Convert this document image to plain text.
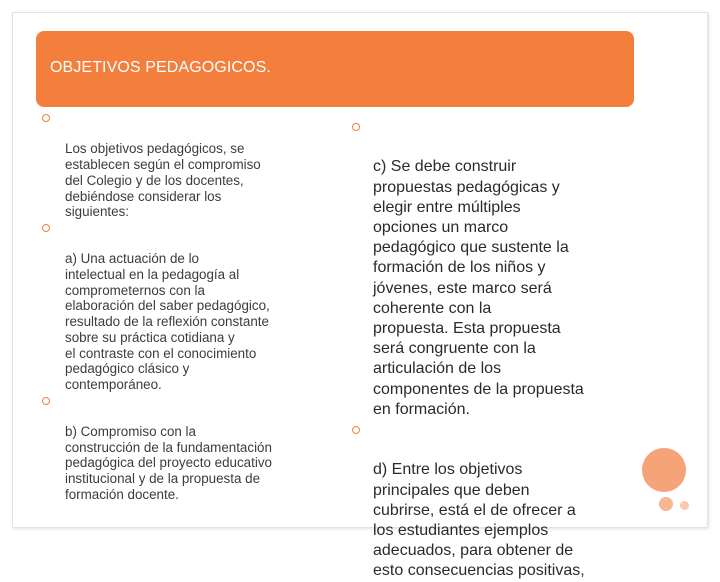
OBJETIVOS PEDAGOGICOS.

Los objetivos pedagógicos, se
establecen según el compromiso
del Colegio y de los docentes,
debiéndose considerar los
siguientes:

a) Una actuación de lo
intelectual en la pedagogía al
comprometernos con la
elaboración del saber pedagógico,
resultado de la reflexión constante
sobre su práctica cotidiana y
el contraste con el conocimiento
pedagógico clásico y
contemporáneo.

b) Compromiso con la
construcción de la fundamentación
pedagógica del proyecto educativo
institucional y de la propuesta de
formación docente.

c) Se debe construir
propuestas pedagógicas y
elegir entre múltiples
opciones un marco
pedagógico que sustente la
formación de los niños y
jóvenes, este marco será
coherente con la
propuesta. Esta propuesta
será congruente con la
articulación de los
componentes de la propuesta
en formación.

d) Entre los objetivos
principales que deben
cubrirse, está el de ofrecer a
los estudiantes ejemplos
adecuados, para obtener de
esto consecuencias positivas,
